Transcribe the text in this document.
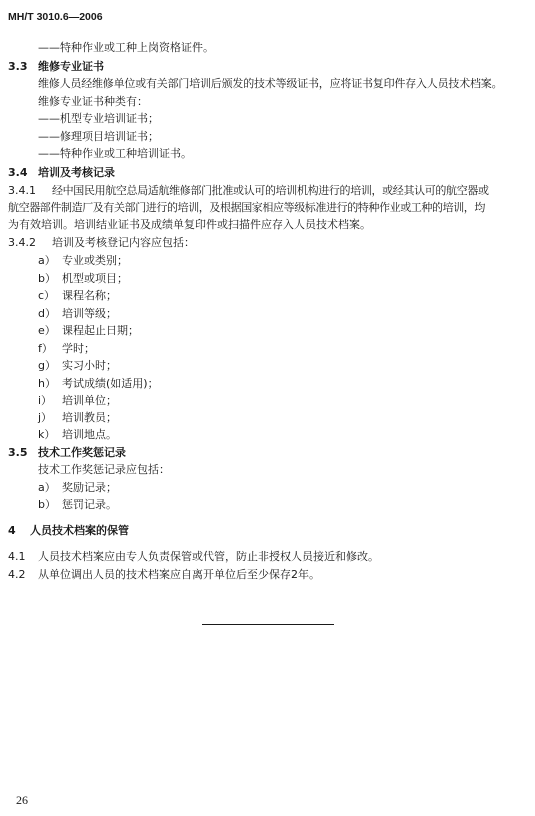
MH/T 3010.6—2006
——特种作业或工种上岗资格证件。
3.3 维修专业证书
维修人员经维修单位或有关部门培训后颁发的技术等级证书，应将证书复印件存入人员技术档案。
维修专业证书种类有：
——机型专业培训证书；
——修理项目培训证书；
——特种作业或工种培训证书。
3.4 培训及考核记录
3.4.1 经中国民用航空总局适航维修部门批准或认可的培训机构进行的培训，或经其认可的航空器或
航空器部件制造厂及有关部门进行的培训，及根据国家相应等级标准进行的特种作业或工种的培训，均
为有效培训。培训结业证书及成绩单复印件或扫描件应存入人员技术档案。
3.4.2 培训及考核登记内容应包括：
a） 专业或类别；
b） 机型或项目；
c） 课程名称；
d） 培训等级；
e） 课程起止日期；
f） 学时；
g） 实习小时；
h） 考试成绩(如适用)；
i） 培训单位；
j） 培训教员；
k） 培训地点。
3.5 技术工作奖惩记录
技术工作奖惩记录应包括：
a） 奖励记录；
b） 惩罚记录。
4 人员技术档案的保管
4.1 人员技术档案应由专人负责保管或代管，防止非授权人员接近和修改。
4.2 从单位调出人员的技术档案应自离开单位后至少保存2年。
26
